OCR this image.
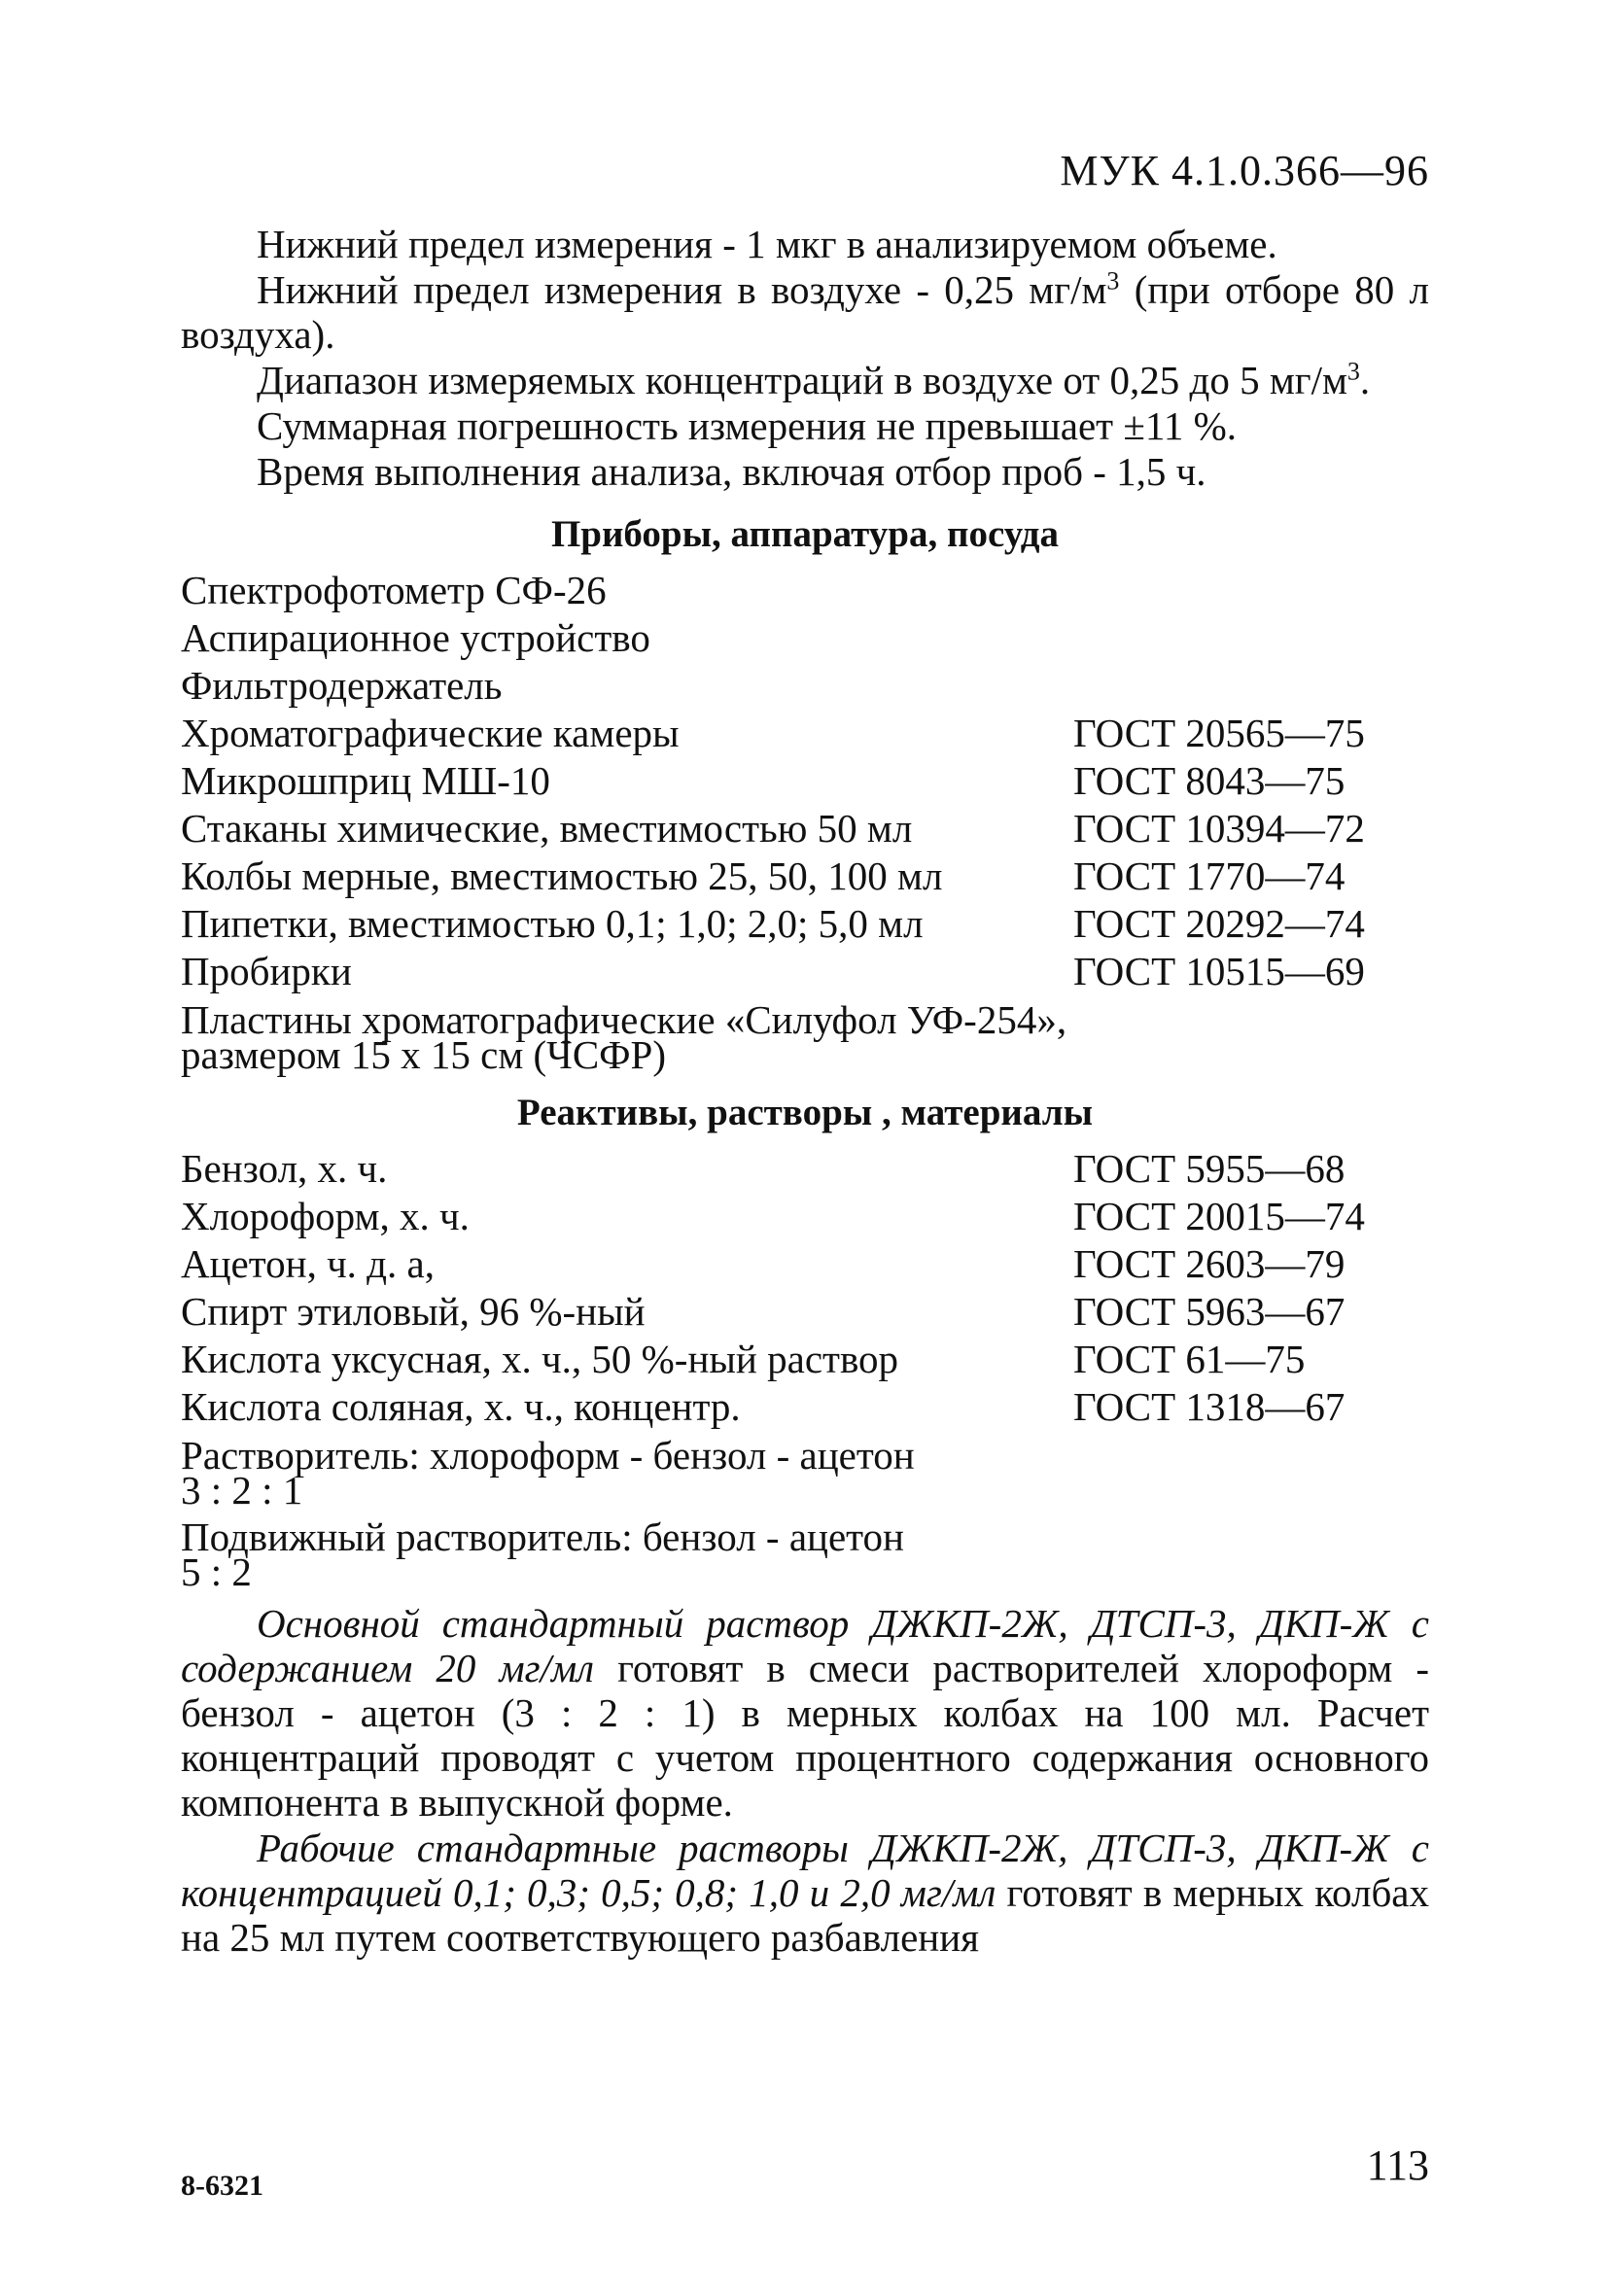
МУК 4.1.0.366—96

Нижний предел измерения - 1 мкг в анализируемом объеме.

Нижний предел измерения в воздухе - 0,25 $мг/м^3$ (при отборе 80 л воздуха).

Диапазон измеряемых концентраций в воздухе от 0,25 до 5 $мг/м^3$.

Суммарная погрешность измерения не превышает ±11 %.

Время выполнения анализа, включая отбор проб - 1,5 ч.

Приборы, аппаратура, посуда
Спектрофотометр СФ-26
Аспирационное устройство
Фильтродержатель
Хроматографические камеры	ГОСТ 20565—75
Микрошприц МШ-10	ГОСТ 8043—75
Стаканы химические, вместимостью 50 мл	ГОСТ 10394—72
Колбы мерные, вместимостью 25, 50, 100 мл	ГОСТ 1770—74
Пипетки, вместимостью 0,1; 1,0; 2,0; 5,0 мл	ГОСТ 20292—74
Пробирки	ГОСТ 10515—69
Пластины хроматографические «Силуфол УФ-254»,
размером 15 х 15 см (ЧСФР)
Реактивы, растворы , материалы
Бензол, х. ч.	ГОСТ 5955—68
Хлороформ, х. ч.	ГОСТ 20015—74
Ацетон, ч. д. а,	ГОСТ 2603—79
Спирт этиловый, 96 %-ный	ГОСТ 5963—67
Кислота уксусная, х. ч., 50 %-ный раствор	ГОСТ 61—75
Кислота соляная, х. ч., концентр.	ГОСТ 1318—67
Растворитель: хлороформ - бензол - ацетон
3 : 2 : 1
Подвижный растворитель: бензол - ацетон
5 : 2

Основной стандартный раствор ДЖКП-2Ж, ДТСП-3, ДКП-Ж с содержанием 20 мг/мл готовят в смеси растворителей хлороформ - бензол - ацетон (3 : 2 : 1) в мерных колбах на 100 мл. Расчет концентраций проводят с учетом процентного содержания основного компонента в выпускной форме.

Рабочие стандартные растворы ДЖКП-2Ж, ДТСП-3, ДКП-Ж с концентрацией 0,1; 0,3; 0,5; 0,8; 1,0 и 2,0 мг/мл готовят в мерных колбах на 25 мл путем соответствующего разбавления

113
8-6321
